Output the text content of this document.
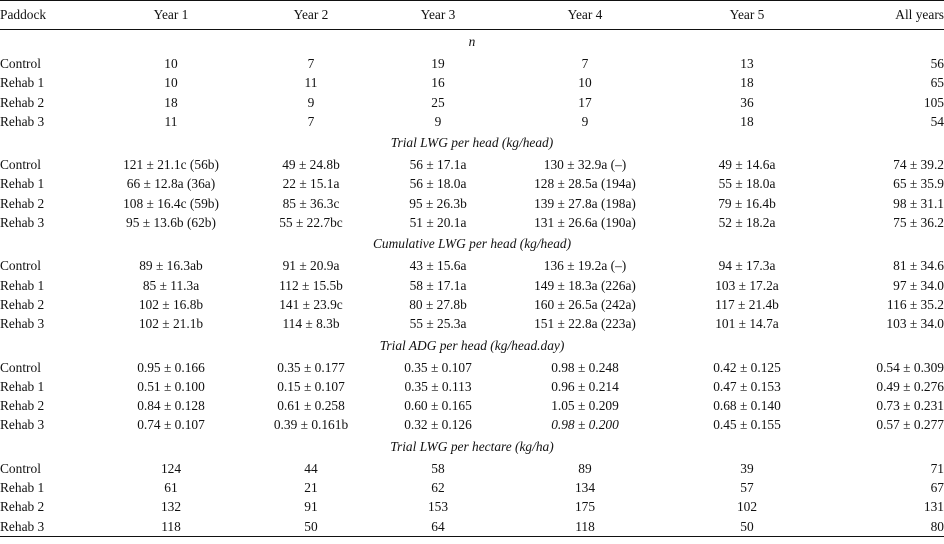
Paddock	Year 1	Year 2	Year 3	Year 4	Year 5	All years
n						
Control	10	7	19	7	13	56
Rehab 1	10	11	16	10	18	65
Rehab 2	18	9	25	17	36	105
Rehab 3	11	7	9	9	18	54
Trial LWG per head (kg/head)						
Control	121 ± 21.1c (56b)	49 ± 24.8b	56 ± 17.1a	130 ± 32.9a (–)	49 ± 14.6a	74 ± 39.2
Rehab 1	66 ± 12.8a (36a)	22 ± 15.1a	56 ± 18.0a	128 ± 28.5a (194a)	55 ± 18.0a	65 ± 35.9
Rehab 2	108 ± 16.4c (59b)	85 ± 36.3c	95 ± 26.3b	139 ± 27.8a (198a)	79 ± 16.4b	98 ± 31.1
Rehab 3	95 ± 13.6b (62b)	55 ± 22.7bc	51 ± 20.1a	131 ± 26.6a (190a)	52 ± 18.2a	75 ± 36.2
Cumulative LWG per head (kg/head)						
Control	89 ± 16.3ab	91 ± 20.9a	43 ± 15.6a	136 ± 19.2a (–)	94 ± 17.3a	81 ± 34.6
Rehab 1	85 ± 11.3a	112 ± 15.5b	58 ± 17.1a	149 ± 18.3a (226a)	103 ± 17.2a	97 ± 34.0
Rehab 2	102 ± 16.8b	141 ± 23.9c	80 ± 27.8b	160 ± 26.5a (242a)	117 ± 21.4b	116 ± 35.2
Rehab 3	102 ± 21.1b	114 ± 8.3b	55 ± 25.3a	151 ± 22.8a (223a)	101 ± 14.7a	103 ± 34.0
Trial ADG per head (kg/head.day)						
Control	0.95 ± 0.166	0.35 ± 0.177	0.35 ± 0.107	0.98 ± 0.248	0.42 ± 0.125	0.54 ± 0.309
Rehab 1	0.51 ± 0.100	0.15 ± 0.107	0.35 ± 0.113	0.96 ± 0.214	0.47 ± 0.153	0.49 ± 0.276
Rehab 2	0.84 ± 0.128	0.61 ± 0.258	0.60 ± 0.165	1.05 ± 0.209	0.68 ± 0.140	0.73 ± 0.231
Rehab 3	0.74 ± 0.107	0.39 ± 0.161b	0.32 ± 0.126	0.98 ± 0.200	0.45 ± 0.155	0.57 ± 0.277
Trial LWG per hectare (kg/ha)						
Control	124	44	58	89	39	71
Rehab 1	61	21	62	134	57	67
Rehab 2	132	91	153	175	102	131
Rehab 3	118	50	64	118	50	80
